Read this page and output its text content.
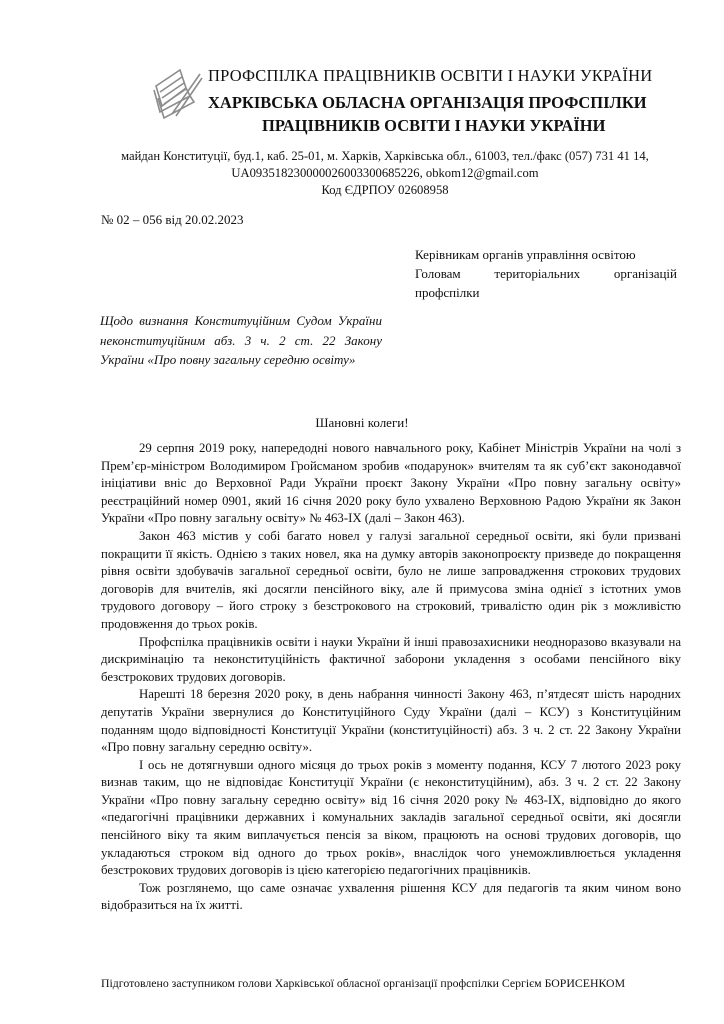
ПРОФСПІЛКА ПРАЦІВНИКІВ ОСВІТИ І НАУКИ УКРАЇНИ
ХАРКІВСЬКА ОБЛАСНА ОРГАНІЗАЦІЯ ПРОФСПІЛКИ
ПРАЦІВНИКІВ ОСВІТИ І НАУКИ УКРАЇНИ
майдан Конституції, буд.1, каб. 25-01, м. Харків, Харківська обл., 61003, тел./факс (057) 731 41 14,
UA093518230000026003300685226, obkom12@gmail.com
Код ЄДРПОУ 02608958
№ 02 – 056 від 20.02.2023
Керівникам органів управління освітою
Головам територіальних організацій профспілки
Щодо визнання Конституційним Судом України неконституційним абз. 3 ч. 2 ст. 22 Закону України «Про повну загальну середню освіту»
Шановні колеги!

29 серпня 2019 року, напередодні нового навчального року, Кабінет Міністрів України на чолі з Прем’єр-міністром Володимиром Гройсманом зробив «подарунок» вчителям та як суб’єкт законодавчої ініціативи вніс до Верховної Ради України проєкт Закону України «Про повну загальну освіту» реєстраційний номер 0901, який 16 січня 2020 року було ухвалено Верховною Радою України як Закон України «Про повну загальну освіту» № 463-ІХ (далі – Закон 463).

Закон 463 містив у собі багато новел у галузі загальної середньої освіти, які були призвані покращити її якість. Однією з таких новел, яка на думку авторів законопроєкту призведе до покращення рівня освіти здобувачів загальної середньої освіти, було не лише запровадження строкових трудових договорів для вчителів, які досягли пенсійного віку, але й примусова зміна однієї з істотних умов трудового договору – його строку з безстрокового на строковий, тривалістю один рік з можливістю продовження до трьох років.

Профспілка працівників освіти і науки України й інші правозахисники неодноразово вказували на дискримінацію та неконституційність фактичної заборони укладення з особами пенсійного віку безстрокових трудових договорів.

Нарешті 18 березня 2020 року, в день набрання чинності Закону 463, п’ятдесят шість народних депутатів України звернулися до Конституційного Суду України (далі – КСУ) з Конституційним поданням щодо відповідності Конституції України (конституційності) абз. 3 ч. 2 ст. 22 Закону України «Про повну загальну середню освіту».

І ось не дотягнувши одного місяця до трьох років з моменту подання, КСУ 7 лютого 2023 року визнав таким, що не відповідає Конституції України (є неконституційним), абз. 3 ч. 2 ст. 22 Закону України «Про повну загальну середню освіту» від 16 січня 2020 року № 463-ІХ, відповідно до якого «педагогічні працівники державних і комунальних закладів загальної середньої освіти, які досягли пенсійного віку та яким виплачується пенсія за віком, працюють на основі трудових договорів, що укладаються строком від одного до трьох років», внаслідок чого унеможливлюється укладення безстрокових трудових договорів із цією категорією педагогічних працівників.

Тож розглянемо, що саме означає ухвалення рішення КСУ для педагогів та яким чином воно відобразиться на їх житті.

Підготовлено заступником голови Харківської обласної організації профспілки Сергієм БОРИСЕНКОМ
